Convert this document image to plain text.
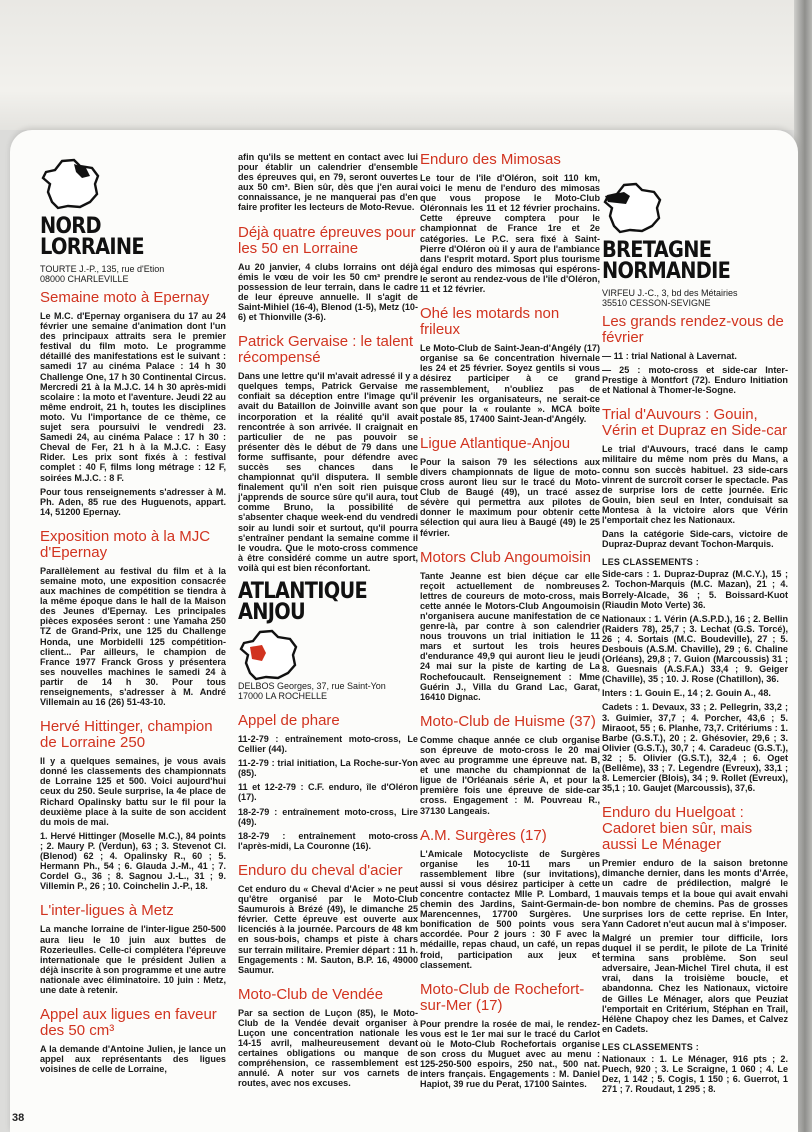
NORD LORRAINE
TOURTE J.-P., 135, rue d'Etion
08000 CHARLEVILLE
Semaine moto à Epernay

Le M.C. d'Epernay organisera du 17 au 24 février une semaine d'animation dont l'un des principaux attraits sera le premier festival du film moto. Le programme détaillé des manifestations est le suivant : samedi 17 au cinéma Palace : 14 h 30 Challenge One, 17 h 30 Continental Circus. Mercredi 21 à la M.J.C. 14 h 30 après-midi scolaire : la moto et l'aventure. Jeudi 22 au même endroit, 21 h, toutes les disciplines moto. Vu l'importance de ce thème, ce sujet sera poursuivi le vendredi 23. Samedi 24, au cinéma Palace : 17 h 30 : Cheval de Fer, 21 h à la M.J.C. : Easy Rider. Les prix sont fixés à : festival complet : 40 F, films long métrage : 12 F, soirées M.J.C. : 8 F.

Pour tous renseignements s'adresser à M. Ph. Aden, 85 rue des Huguenots, appart. 14, 51200 Epernay.

Exposition moto à la MJC d'Epernay

Parallèlement au festival du film et à la semaine moto, une exposition consacrée aux machines de compétition se tiendra à la même époque dans le hall de la Maison des Jeunes d'Epernay. Les principales pièces exposées seront : une Yamaha 250 TZ de Grand-Prix, une 125 du Challenge Honda, une Morbidelli 125 compétition-client... Par ailleurs, le champion de France 1977 Franck Gross y présentera ses nouvelles machines le samedi 24 à partir de 14 h 30. Pour tous renseignements, s'adresser à M. André Villemain au 16 (26) 51-43-10.

Hervé Hittinger, champion de Lorraine 250

Il y a quelques semaines, je vous avais donné les classements des championnats de Lorraine 125 et 500. Voici aujourd'hui ceux du 250. Seule surprise, la 4e place de Richard Opalinsky battu sur le fil pour la deuxième place à la suite de son accident du mois de mai.

1. Hervé Hittinger (Moselle M.C.), 84 points ; 2. Maury P. (Verdun), 63 ; 3. Stevenot Cl. (Blenod) 62 ; 4. Opalinsky R., 60 ; 5. Hermann Ph., 54 ; 6. Glauda J.-M., 41 ; 7. Cordel G., 36 ; 8. Sagnou J.-L., 31 ; 9. Villemin P., 26 ; 10. Coinchelin J.-P., 18.

L'inter-ligues à Metz

La manche lorraine de l'inter-ligue 250-500 aura lieu le 10 juin aux buttes de Rozerieulles. Celle-ci complétera l'épreuve internationale que le président Julien a déjà inscrite à son programme et une autre nationale avec éliminatoire. 10 juin : Metz, une date à retenir.

Appel aux ligues en faveur des 50 cm³

A la demande d'Antoine Julien, je lance un appel aux représentants des ligues voisines de celle de Lorraine,

afin qu'ils se mettent en contact avec lui pour établir un calendrier d'ensemble des épreuves qui, en 79, seront ouvertes aux 50 cm³. Bien sûr, dès que j'en aurai connaissance, je ne manquerai pas d'en faire profiter les lecteurs de Moto-Revue.

Déjà quatre épreuves pour les 50 en Lorraine

Au 20 janvier, 4 clubs lorrains ont déjà émis le vœu de voir les 50 cm³ prendre possession de leur terrain, dans le cadre de leur épreuve annuelle. Il s'agit de Saint-Mihiel (16-4), Blenod (1-5), Metz (10-6) et Thionville (3-6).

Patrick Gervaise : le talent récompensé

Dans une lettre qu'il m'avait adressé il y a quelques temps, Patrick Gervaise me confiait sa déception entre l'image qu'il avait du Bataillon de Joinville avant son incorporation et la réalité qu'il avait rencontrée à son arrivée. Il craignait en particulier de ne pas pouvoir se présenter dès le début de 79 dans une forme suffisante, pour défendre avec succès ses chances dans le championnat qu'il disputera. Il semble finalement qu'il n'en soit rien puisque j'apprends de source sûre qu'il aura, tout comme Bruno, la possibilité de s'absenter chaque week-end du vendredi soir au lundi soir et surtout, qu'il pourra s'entraîner pendant la semaine comme il le voudra. Que le moto-cross commence à être considéré comme un autre sport, voilà qui est bien réconfortant.

ATLANTIQUE ANJOU
DELBOS Georges, 37, rue Saint-Yon
17000 LA ROCHELLE
Appel de phare

11-2-79 : entraînement moto-cross, Le Cellier (44).

11-2-79 : trial initiation, La Roche-sur-Yon (85).

11 et 12-2-79 : C.F. enduro, île d'Oléron (17).

18-2-79 : entraînement moto-cross, Lire (49).

18-2-79 : entraînement moto-cross l'après-midi, La Couronne (16).

Enduro du cheval d'acier

Cet enduro du « Cheval d'Acier » ne peut qu'être organisé par le Moto-Club Saumurois à Brézé (49), le dimanche 25 février. Cette épreuve est ouverte aux licenciés à la journée. Parcours de 48 km en sous-bois, champs et piste à chars sur terrain militaire. Premier départ : 11 h. Engagements : M. Sauton, B.P. 16, 49000 Saumur.

Moto-Club de Vendée

Par sa section de Luçon (85), le Moto-Club de la Vendée devait organiser à Luçon une concentration nationale les 14-15 avril, malheureusement devant certaines obligations ou manque de compréhension, ce rassemblement est annulé. A noter sur vos carnets de routes, avec nos excuses.

Enduro des Mimosas

Le tour de l'île d'Oléron, soit 110 km, voici le menu de l'enduro des mimosas que vous propose le Moto-Club Oléronnais les 11 et 12 février prochains. Cette épreuve comptera pour le championnat de France 1re et 2e catégories. Le P.C. sera fixé à Saint-Pierre d'Oléron où il y aura de l'ambiance dans l'esprit motard. Sport plus tourisme égal enduro des mimosas qui espérons-le seront au rendez-vous de l'île d'Oléron, 11 et 12 février.

Ohé les motards non frileux

Le Moto-Club de Saint-Jean-d'Angély (17) organise sa 6e concentration hivernale les 24 et 25 février. Soyez gentils si vous désirez participer à ce grand rassemblement, n'oubliez pas de prévenir les organisateurs, ne serait-ce que pour la « roulante ». MCA boîte postale 85, 17400 Saint-Jean-d'Angély.

Ligue Atlantique-Anjou

Pour la saison 79 les sélections aux divers championnats de ligue de moto-cross auront lieu sur le tracé du Moto-Club de Baugé (49), un tracé assez sévère qui permettra aux pilotes de donner le maximum pour obtenir cette sélection qui aura lieu à Baugé (49) le 25 février.

Motors Club Angoumoisin

Tante Jeanne est bien déçue car elle reçoit actuellement de nombreuses lettres de coureurs de moto-cross, mais cette année le Motors-Club Angoumoisin n'organisera aucune manifestation de ce genre-là, par contre à son calendrier nous trouvons un trial initiation le 11 mars et surtout les trois heures d'endurance 49,9 qui auront lieu le jeudi 24 mai sur la piste de karting de La Rochefoucault. Renseignement : Mme Guérin J., Villa du Grand Lac, Garat, 16410 Dignac.

Moto-Club de Huisme (37)

Comme chaque année ce club organise son épreuve de moto-cross le 20 mai avec au programme une épreuve nat. B, et une manche du championnat de la ligue de l'Orléanais série A, et pour la première fois une épreuve de side-car cross. Engagement : M. Pouvreau R., 37130 Langeais.

A.M. Surgères (17)

L'Amicale Motocycliste de Surgères organise les 10-11 mars un rassemblement libre (sur invitations), aussi si vous désirez participer à cette concentre contactez Mlle P. Lombard, 1 chemin des Jardins, Saint-Germain-de-Marencennes, 17700 Surgères. Une bonification de 500 points vous sera accordée. Pour 2 jours : 30 F avec la médaille, repas chaud, un café, un repas froid, participation aux jeux et classement.

Moto-Club de Rochefort-sur-Mer (17)

Pour prendre la rosée de mai, le rendez-vous est le 1er mai sur le tracé du Carlot où le Moto-Club Rochefortais organise son cross du Muguet avec au menu : 125-250-500 espoirs, 250 nat., 500 nat. inters français. Engagements : M. Daniel Hapiot, 39 rue du Perat, 17100 Saintes.

BRETAGNE NORMANDIE
VIRFEU J.-C., 3, bd des Métairies
35510 CESSON-SEVIGNE
Les grands rendez-vous de février

— 11 : trial National à Lavernat.

— 25 : moto-cross et side-car Inter-Prestige à Montfort (72). Enduro Initiation et National à Thomer-le-Sogne.

Trial d'Auvours : Gouin, Vérin et Dupraz en Side-car

Le trial d'Auvours, tracé dans le camp militaire du même nom près du Mans, a connu son succès habituel. 23 side-cars vinrent de surcroît corser le spectacle. Pas de surprise lors de cette journée. Eric Gouin, bien seul en Inter, conduisait sa Montesa à la victoire alors que Vérin l'emportait chez les Nationaux.

Dans la catégorie Side-cars, victoire de Dupraz-Dupraz devant Tochon-Marquis.

LES CLASSEMENTS :

Side-cars : 1. Dupraz-Dupraz (M.C.Y.), 15 ; 2. Tochon-Marquis (M.C. Mazan), 21 ; 4. Borrely-Alcade, 36 ; 5. Boissard-Kuot (Riaudin Moto Verte) 36.

Nationaux : 1. Vérin (A.S.P.D.), 16 ; 2. Bellin (Raiders 78), 25,7 ; 3. Lechat (G.S. Torcé), 26 ; 4. Sortais (M.C. Boudeville), 27 ; 5. Desbouis (A.S.M. Chaville), 29 ; 6. Chaline (Orléans), 29,8 ; 7. Guion (Marcoussis) 31 ; 8. Guesnais (A.S.F.A.) 33,4 ; 9. Geiger (Chaville), 35 ; 10. J. Rose (Chatillon), 36.

Inters : 1. Gouin E., 14 ; 2. Gouin A., 48.

Cadets : 1. Devaux, 33 ; 2. Pellegrin, 33,2 ; 3. Guimier, 37,7 ; 4. Porcher, 43,6 ; 5. Miraoot, 55 ; 6. Planhe, 73,7. Critériums : 1. Barbe (G.S.T.), 20 ; 2. Ghésovier, 29,6 ; 3. Olivier (G.S.T.), 30,7 ; 4. Caradeuc (G.S.T.), 32 ; 5. Olivier (G.S.T.), 32,4 ; 6. Oget (Bellême), 33 ; 7. Legendre (Evreux), 33,1 ; 8. Lemercier (Blois), 34 ; 9. Rollet (Evreux), 35,1 ; 10. Gaujet (Marcoussis), 37,6.

Enduro du Huelgoat : Cadoret bien sûr, mais aussi Le Ménager

Premier enduro de la saison bretonne dimanche dernier, dans les monts d'Arrée, un cadre de prédilection, malgré le mauvais temps et la boue qui avait envahi bon nombre de chemins. Pas de grosses surprises lors de cette reprise. En Inter, Yann Cadoret n'eut aucun mal à s'imposer.

Malgré un premier tour difficile, lors duquel il se perdit, le pilote de La Trinité termina sans problème. Son seul adversaire, Jean-Michel Tirel chuta, il est vrai, dans la troisième boucle, et abandonna. Chez les Nationaux, victoire de Gilles Le Ménager, alors que Peuziat l'emportait en Critérium, Stéphan en Trail, Hélène Chapoy chez les Dames, et Calvez en Cadets.

LES CLASSEMENTS :

Nationaux : 1. Le Ménager, 916 pts ; 2. Puech, 920 ; 3. Le Scraigne, 1 060 ; 4. Le Dez, 1 142 ; 5. Cogis, 1 150 ; 6. Guerrot, 1 271 ; 7. Roudaut, 1 295 ; 8.

38
